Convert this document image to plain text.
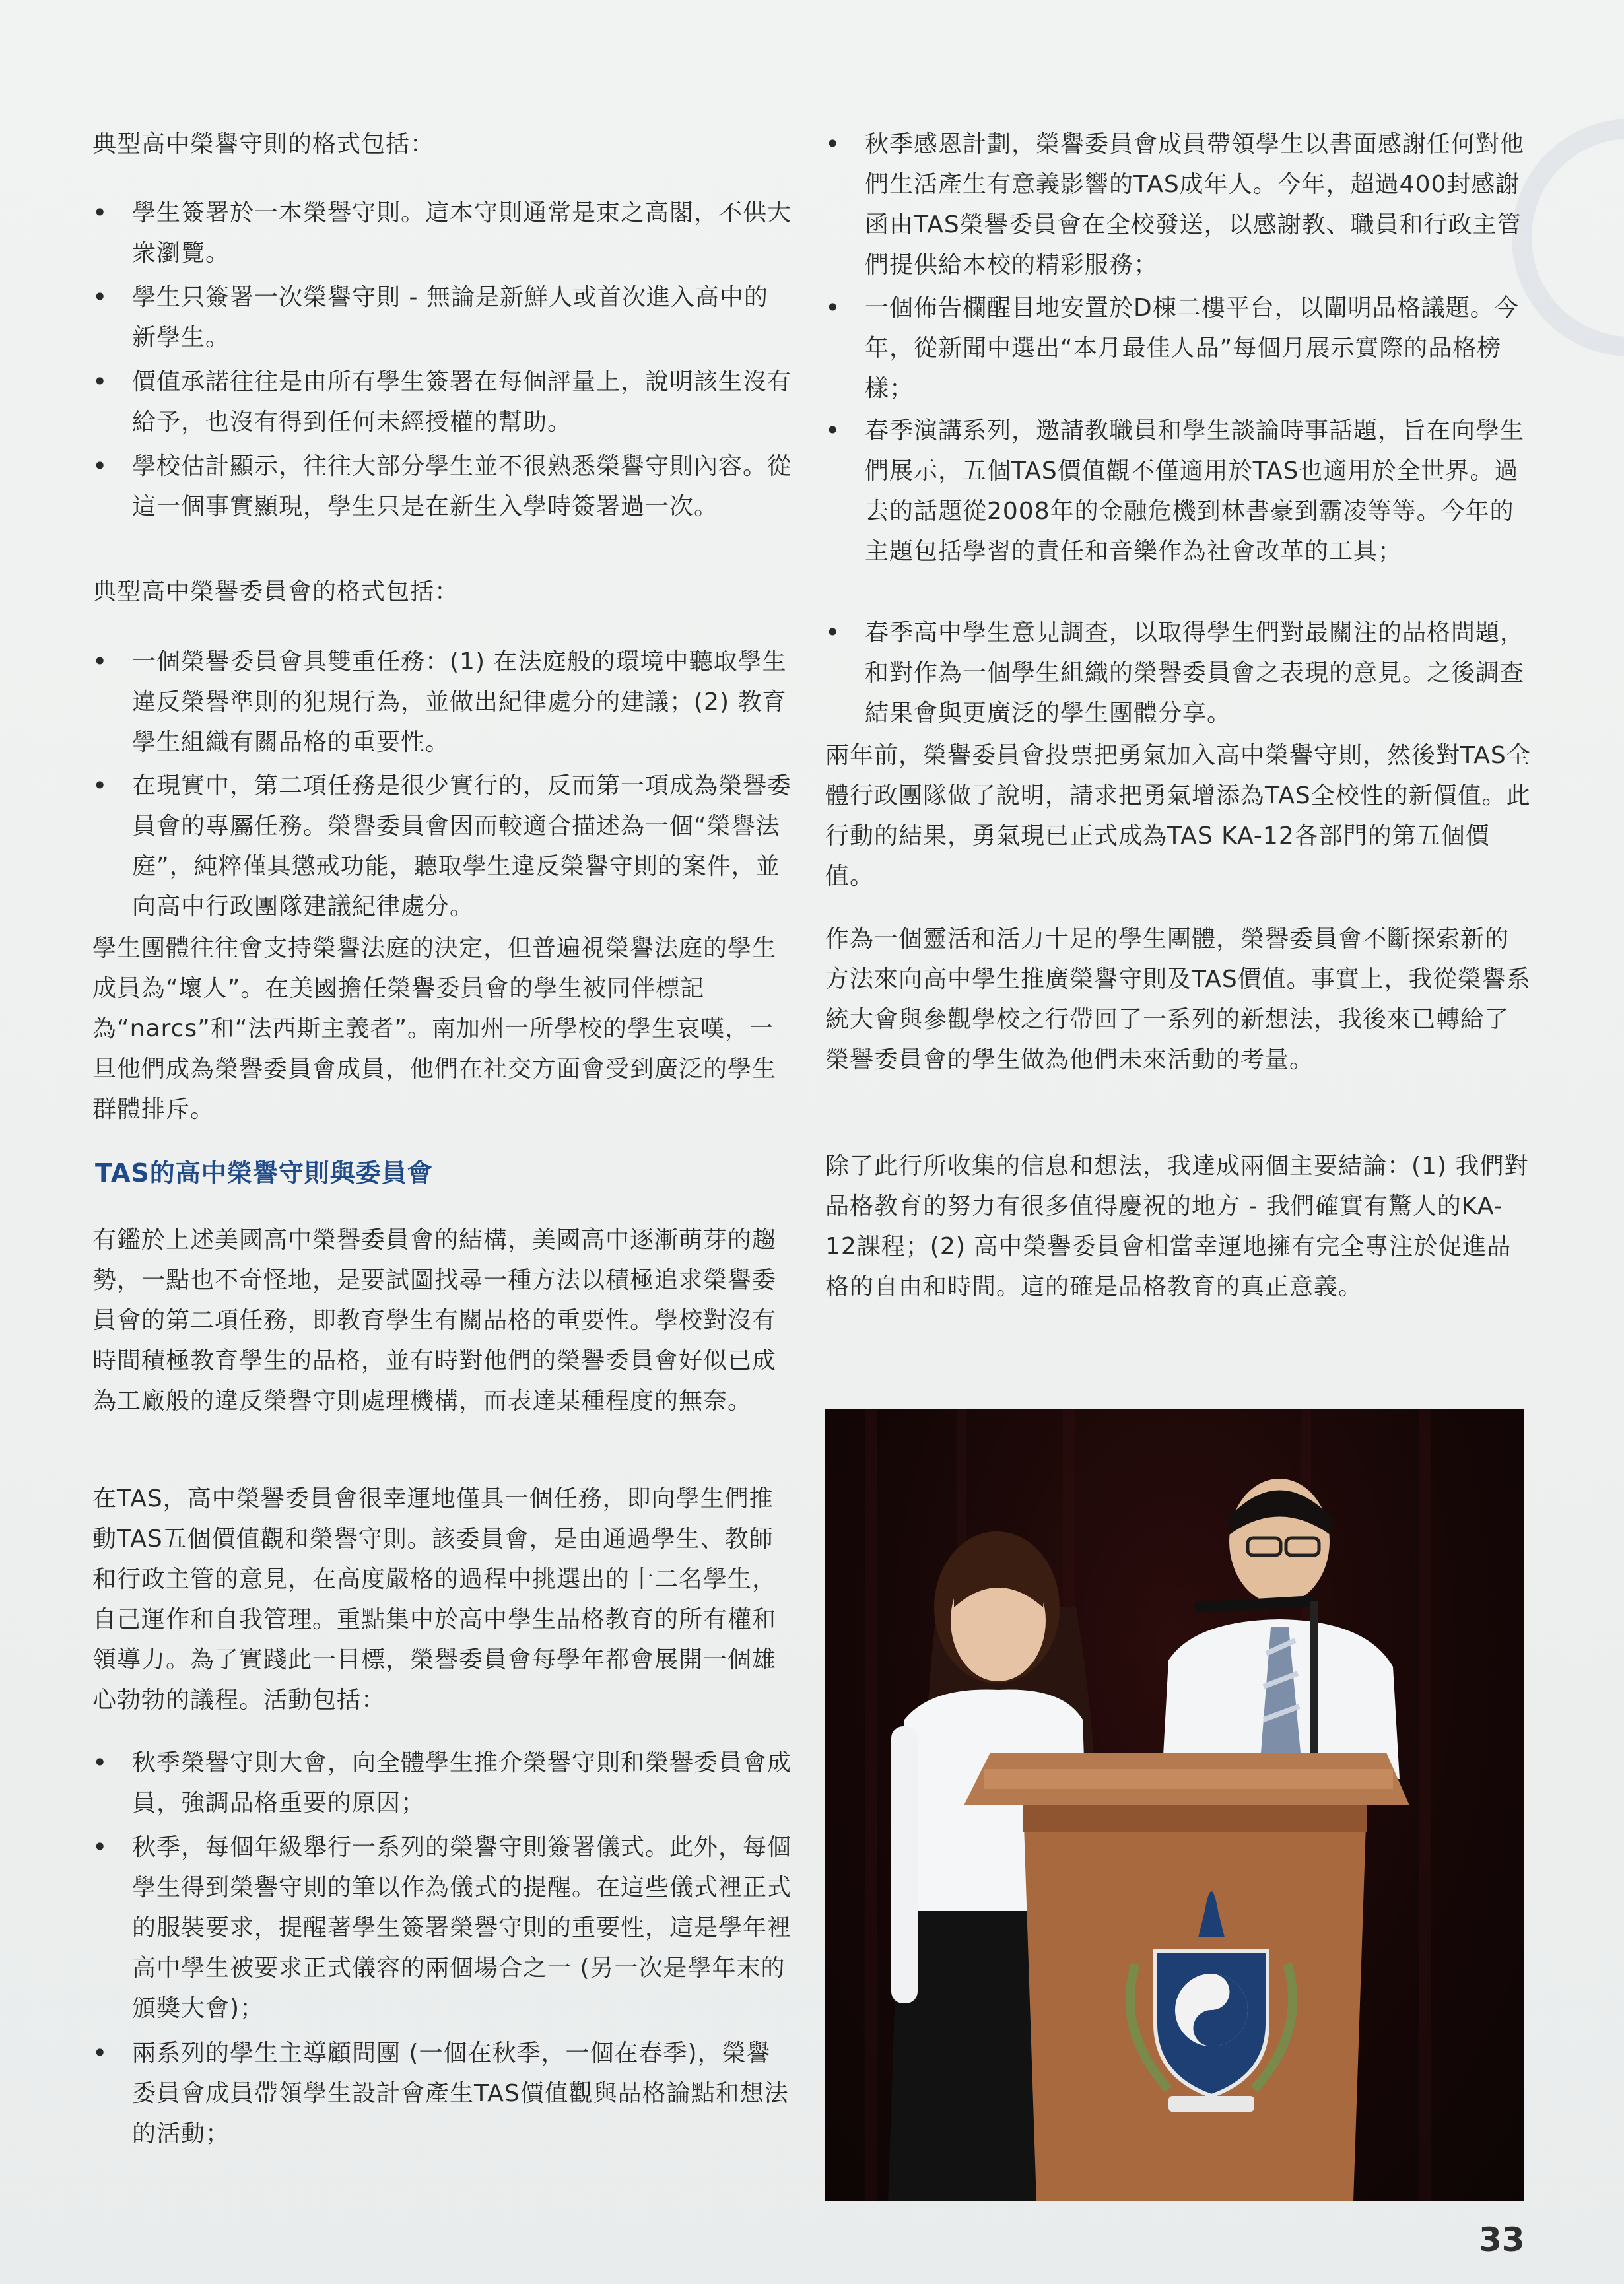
典型高中榮譽守則的格式包括：

• 學生簽署於一本榮譽守則。這本守則通常是束之高閣，不供大衆瀏覽。

• 學生只簽署一次榮譽守則 - 無論是新鮮人或首次進入高中的新學生。

• 價值承諾往往是由所有學生簽署在每個評量上，說明該生沒有給予，也沒有得到任何未經授權的幫助。

• 學校估計顯示，往往大部分學生並不很熟悉榮譽守則內容。從這一個事實顯現，學生只是在新生入學時簽署過一次。

典型高中榮譽委員會的格式包括：

• 一個榮譽委員會具雙重任務：(1) 在法庭般的環境中聽取學生違反榮譽準則的犯規行為，並做出紀律處分的建議；(2) 教育學生組織有關品格的重要性。

• 在現實中，第二項任務是很少實行的，反而第一項成為榮譽委員會的專屬任務。榮譽委員會因而較適合描述為一個“榮譽法庭”，純粹僅具懲戒功能，聽取學生違反榮譽守則的案件，並向高中行政團隊建議紀律處分。

學生團體往往會支持榮譽法庭的決定，但普遍視榮譽法庭的學生成員為“壞人”。在美國擔任榮譽委員會的學生被同伴標記為“narcs”和“法西斯主義者”。南加州一所學校的學生哀嘆，一旦他們成為榮譽委員會成員，他們在社交方面會受到廣泛的學生群體排斥。

TAS的高中榮譽守則與委員會

有鑑於上述美國高中榮譽委員會的結構，美國高中逐漸萌芽的趨勢，一點也不奇怪地，是要試圖找尋一種方法以積極追求榮譽委員會的第二項任務，即教育學生有關品格的重要性。學校對沒有時間積極教育學生的品格，並有時對他們的榮譽委員會好似已成為工廠般的違反榮譽守則處理機構，而表達某種程度的無奈。

在TAS，高中榮譽委員會很幸運地僅具一個任務，即向學生們推動TAS五個價值觀和榮譽守則。該委員會，是由通過學生、教師和行政主管的意見，在高度嚴格的過程中挑選出的十二名學生，自己運作和自我管理。重點集中於高中學生品格教育的所有權和領導力。為了實踐此一目標，榮譽委員會每學年都會展開一個雄心勃勃的議程。活動包括：

• 秋季榮譽守則大會，向全體學生推介榮譽守則和榮譽委員會成員，強調品格重要的原因；

• 秋季，每個年級舉行一系列的榮譽守則簽署儀式。此外，每個學生得到榮譽守則的筆以作為儀式的提醒。在這些儀式裡正式的服裝要求，提醒著學生簽署榮譽守則的重要性，這是學年裡高中學生被要求正式儀容的兩個場合之一 (另一次是學年末的頒獎大會)；

• 兩系列的學生主導顧問團 (一個在秋季，一個在春季)，榮譽委員會成員帶領學生設計會產生TAS價值觀與品格論點和想法的活動；

• 秋季感恩計劃，榮譽委員會成員帶領學生以書面感謝任何對他們生活產生有意義影響的TAS成年人。今年，超過400封感謝函由TAS榮譽委員會在全校發送，以感謝教、職員和行政主管們提供給本校的精彩服務；

• 一個佈告欄醒目地安置於D棟二樓平台，以闡明品格議題。今年，從新聞中選出“本月最佳人品”每個月展示實際的品格榜樣；

• 春季演講系列，邀請教職員和學生談論時事話題，旨在向學生們展示，五個TAS價值觀不僅適用於TAS也適用於全世界。過去的話題從2008年的金融危機到林書豪到霸凌等等。今年的主題包括學習的責任和音樂作為社會改革的工具；

• 春季高中學生意見調查，以取得學生們對最關注的品格問題，和對作為一個學生組織的榮譽委員會之表現的意見。之後調查結果會與更廣泛的學生團體分享。

兩年前，榮譽委員會投票把勇氣加入高中榮譽守則，然後對TAS全體行政團隊做了說明，請求把勇氣增添為TAS全校性的新價值。此行動的結果，勇氣現已正式成為TAS KA-12各部門的第五個價值。

作為一個靈活和活力十足的學生團體，榮譽委員會不斷探索新的方法來向高中學生推廣榮譽守則及TAS價值。事實上，我從榮譽系統大會與參觀學校之行帶回了一系列的新想法，我後來已轉給了榮譽委員會的學生做為他們未來活動的考量。

除了此行所收集的信息和想法，我達成兩個主要結論：(1) 我們對品格教育的努力有很多值得慶祝的地方 - 我們確實有驚人的KA-12課程；(2) 高中榮譽委員會相當幸運地擁有完全專注於促進品格的自由和時間。這的確是品格教育的真正意義。

33
